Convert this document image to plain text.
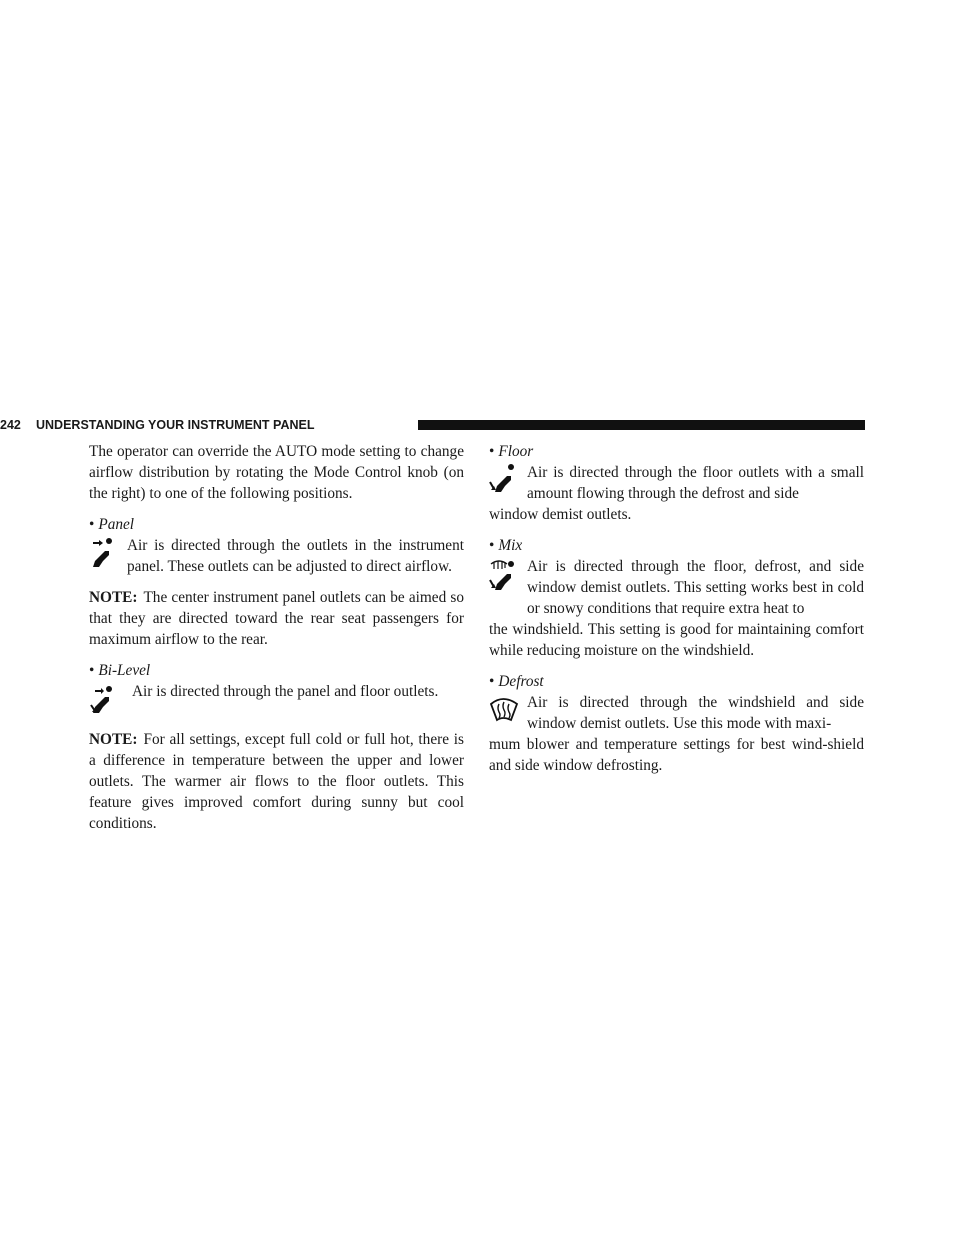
242 UNDERSTANDING YOUR INSTRUMENT PANEL

The operator can override the AUTO mode setting to change airflow distribution by rotating the Mode Control knob (on the right) to one of the following positions.

• Panel

Air is directed through the outlets in the instrument panel. These outlets can be adjusted to direct airflow.

NOTE: The center instrument panel outlets can be aimed so that they are directed toward the rear seat passengers for maximum airflow to the rear.

• Bi-Level

Air is directed through the panel and floor outlets.

NOTE: For all settings, except full cold or full hot, there is a difference in temperature between the upper and lower outlets. The warmer air flows to the floor outlets. This feature gives improved comfort during sunny but cool conditions.

• Floor

Air is directed through the floor outlets with a small amount flowing through the defrost and side

window demist outlets.

• Mix

Air is directed through the floor, defrost, and side window demist outlets. This setting works best in cold or snowy conditions that require extra heat to

the windshield. This setting is good for maintaining comfort while reducing moisture on the windshield.

• Defrost

Air is directed through the windshield and side window demist outlets. Use this mode with maxi-

mum blower and temperature settings for best wind-shield and side window defrosting.
